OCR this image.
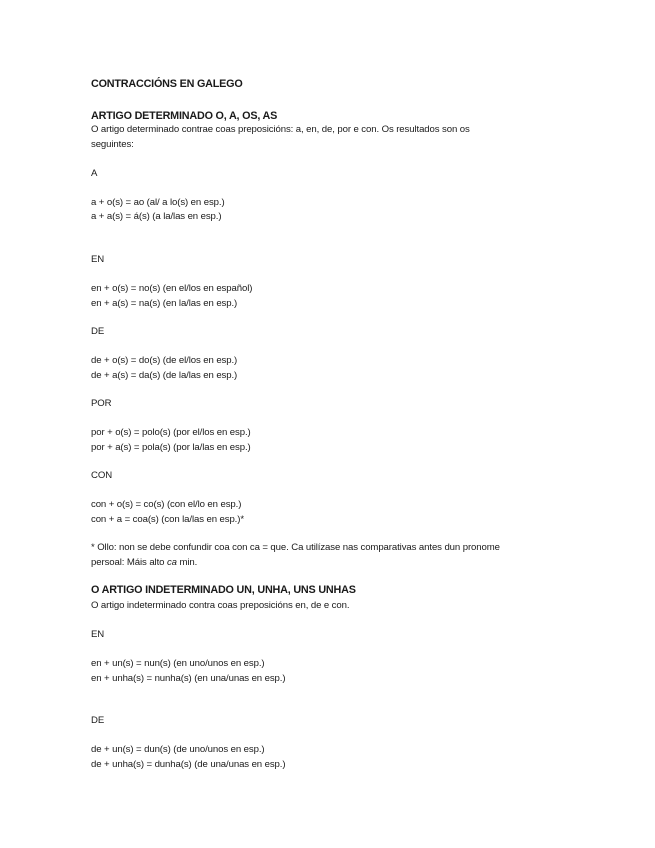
CONTRACCIÓNS EN GALEGO
ARTIGO DETERMINADO O, A, OS, AS
O artigo determinado contrae coas preposicións: a, en, de, por e con. Os resultados son os
seguintes:
A
a + o(s) = ao (al/ a lo(s) en esp.)
a + a(s) = á(s) (a la/las en esp.)
EN
en + o(s) = no(s) (en el/los en español)
en + a(s) = na(s) (en la/las en esp.)
DE
de + o(s) = do(s) (de el/los en esp.)
de + a(s) = da(s) (de la/las en esp.)
POR
por + o(s) = polo(s) (por el/los en esp.)
por + a(s) = pola(s) (por la/las en esp.)
CON
con + o(s) = co(s) (con el/lo en esp.)
con + a = coa(s) (con la/las en esp.)*
* Ollo: non se debe confundir coa con ca = que. Ca utilízase nas comparativas antes dun pronome
persoal: Máis alto ca min.
O ARTIGO INDETERMINADO UN, UNHA, UNS UNHAS
O artigo indeterminado contra coas preposicións en, de e con.
EN
en + un(s) = nun(s) (en uno/unos en esp.)
en + unha(s) = nunha(s) (en una/unas en esp.)
DE
de + un(s) = dun(s) (de uno/unos en esp.)
de + unha(s) = dunha(s) (de una/unas en esp.)
